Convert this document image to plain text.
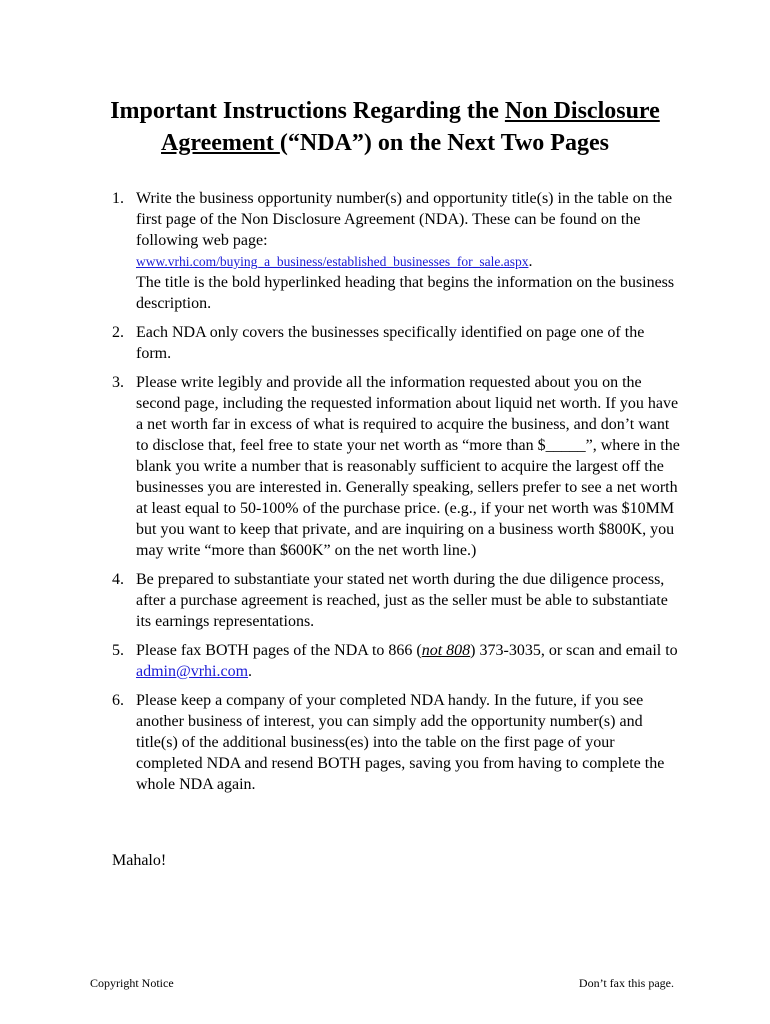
Important Instructions Regarding the Non Disclosure
Agreement (“NDA”) on the Next Two Pages
1. Write the business opportunity number(s) and opportunity title(s) in the table on the first page of the Non Disclosure Agreement (NDA). These can be found on the following web page:
www.vrhi.com/buying_a_business/established_businesses_for_sale.aspx.
The title is the bold hyperlinked heading that begins the information on the business description.
2. Each NDA only covers the businesses specifically identified on page one of the form.
3. Please write legibly and provide all the information requested about you on the second page, including the requested information about liquid net worth. If you have a net worth far in excess of what is required to acquire the business, and don’t want to disclose that, feel free to state your net worth as “more than $_____”, where in the blank you write a number that is reasonably sufficient to acquire the largest off the businesses you are interested in. Generally speaking, sellers prefer to see a net worth at least equal to 50-100% of the purchase price. (e.g., if your net worth was $10MM but you want to keep that private, and are inquiring on a business worth $800K, you may write “more than $600K” on the net worth line.)
4. Be prepared to substantiate your stated net worth during the due diligence process, after a purchase agreement is reached, just as the seller must be able to substantiate its earnings representations.
5. Please fax BOTH pages of the NDA to 866 (not 808) 373-3035, or scan and email to admin@vrhi.com.
6. Please keep a company of your completed NDA handy. In the future, if you see another business of interest, you can simply add the opportunity number(s) and title(s) of the additional business(es) into the table on the first page of your completed NDA and resend BOTH pages, saving you from having to complete the whole NDA again.
Mahalo!
Copyright Notice	Don’t fax this page.
